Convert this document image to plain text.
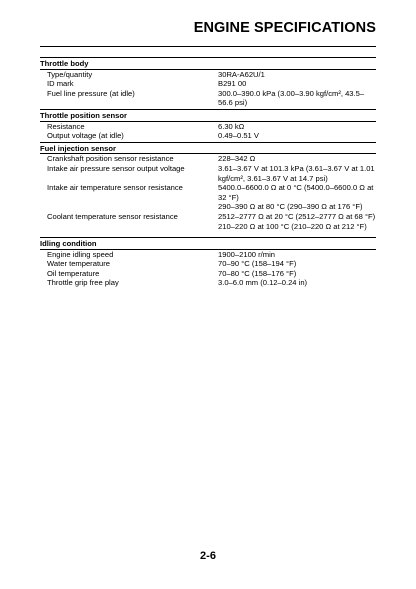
ENGINE SPECIFICATIONS
Throttle body
Type/quantity	30RA-A62U/1
ID mark	B291 00
Fuel line pressure (at idle)	300.0–390.0 kPa (3.00–3.90 kgf/cm², 43.5–
56.6 psi)
Throttle position sensor
Resistance	6.30 kΩ
Output voltage (at idle)	0.49–0.51 V
Fuel injection sensor
Crankshaft position sensor resistance	228–342 Ω
Intake air pressure sensor output voltage	3.61–3.67 V at 101.3 kPa (3.61–3.67 V at 1.01
kgf/cm², 3.61–3.67 V at 14.7 psi)
Intake air temperature sensor resistance	5400.0–6600.0 Ω at 0 °C (5400.0–6600.0 Ω at
32 °F)
290–390 Ω at 80 °C (290–390 Ω at 176 °F)
Coolant temperature sensor resistance	2512–2777 Ω at 20 °C (2512–2777 Ω at 68 °F)
210–220 Ω at 100 °C (210–220 Ω at 212 °F)
Idling condition
Engine idling speed	1900–2100 r/min
Water temperature	70–90 °C (158–194 °F)
Oil temperature	70–80 °C (158–176 °F)
Throttle grip free play	3.0–6.0 mm (0.12–0.24 in)
2-6
